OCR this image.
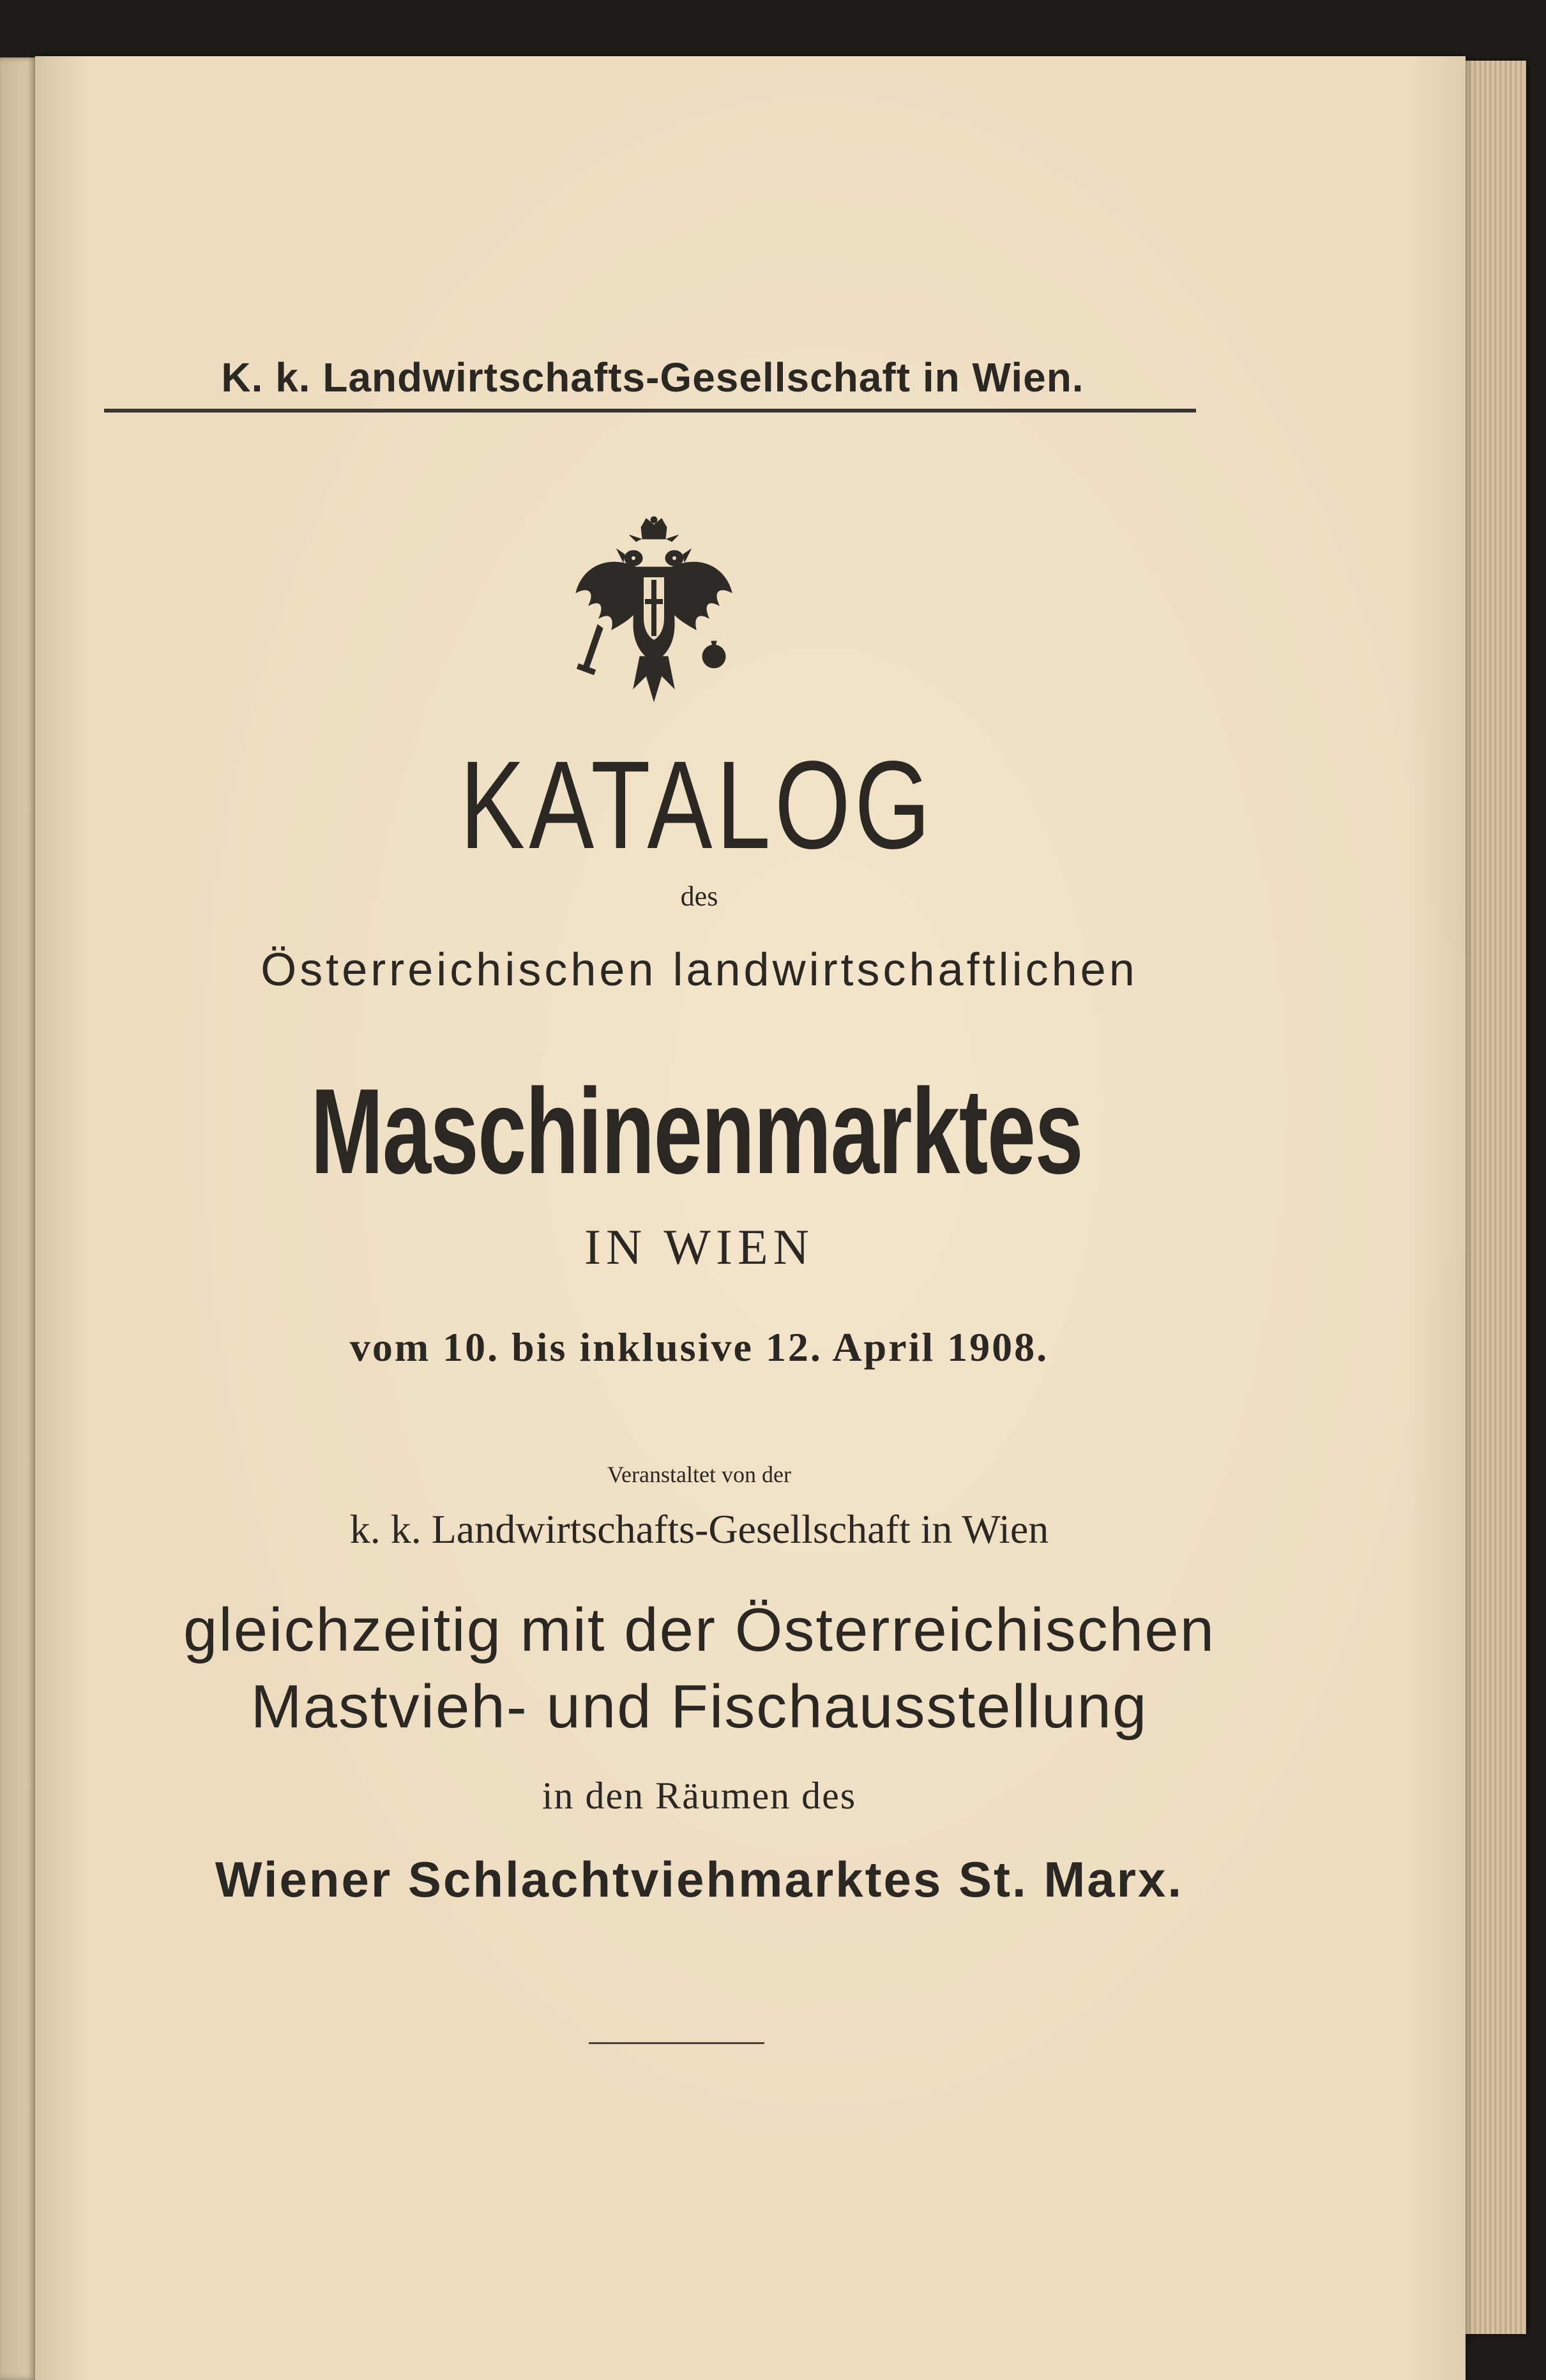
K. k. Landwirtschafts-Gesellschaft in Wien.
KATALOG
des
Österreichischen landwirtschaftlichen
Maschinenmarktes
IN WIEN
vom 10. bis inklusive 12. April 1908.
Veranstaltet von der
k. k. Landwirtschafts-Gesellschaft in Wien
gleichzeitig mit der Österreichischen
Mastvieh- und Fischausstellung
in den Räumen des
Wiener Schlachtviehmarktes St. Marx.
